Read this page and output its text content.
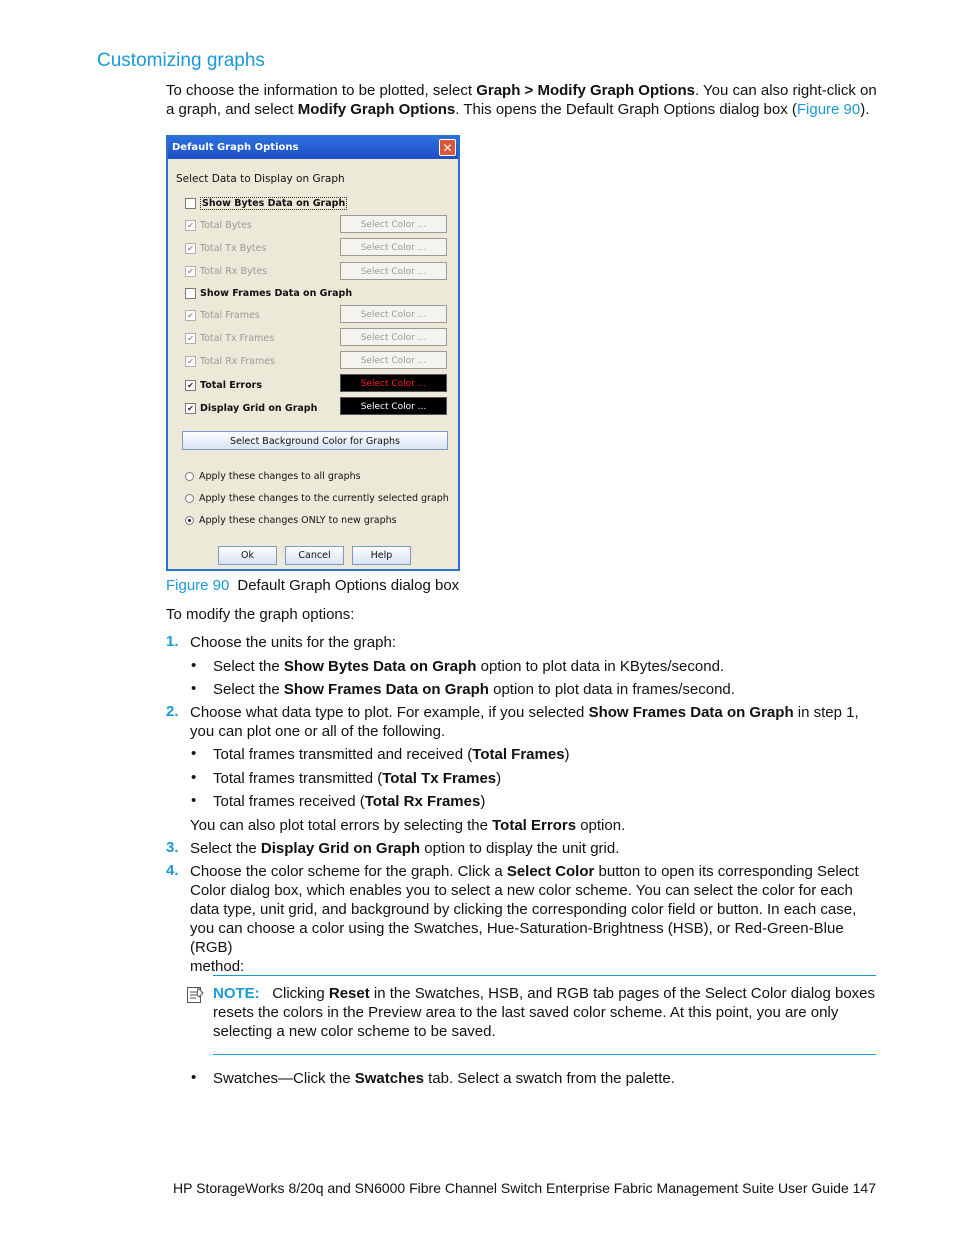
Customizing graphs
To choose the information to be plotted, select Graph > Modify Graph Options. You can also right-click on
a graph, and select Modify Graph Options. This opens the Default Graph Options dialog box (Figure 90).
Default Graph Options	✕
Select Data to Display on Graph
Select Background Color for Graphs
Ok	Cancel	Help
Show Bytes Data on Graph
✔ Total Bytes	Select Color ...
✔ Total Tx Bytes	Select Color ...
✔ Total Rx Bytes	Select Color ...
Show Frames Data on Graph
✔ Total Frames	Select Color ...
✔ Total Tx Frames	Select Color ...
✔ Total Rx Frames	Select Color ...
✔ Total Errors	Select Color ...
✔ Display Grid on Graph	Select Color ...
Apply these changes to all graphs
Apply these changes to the currently selected graph
Apply these changes ONLY to new graphs
Figure 90 Default Graph Options dialog box
To modify the graph options:
1. Choose the units for the graph:
• Select the Show Bytes Data on Graph option to plot data in KBytes/second.
• Select the Show Frames Data on Graph option to plot data in frames/second.
2. Choose what data type to plot. For example, if you selected Show Frames Data on Graph in step 1,
you can plot one or all of the following.
• Total frames transmitted and received (Total Frames)
• Total frames transmitted (Total Tx Frames)
• Total frames received (Total Rx Frames)
You can also plot total errors by selecting the Total Errors option.
3. Select the Display Grid on Graph option to display the unit grid.
4. Choose the color scheme for the graph. Click a Select Color button to open its corresponding Select
Color dialog box, which enables you to select a new color scheme. You can select the color for each
data type, unit grid, and background by clicking the corresponding color field or button. In each case,
you can choose a color using the Swatches, Hue-Saturation-Brightness (HSB), or Red-Green-Blue (RGB)
method:
NOTE: Clicking Reset in the Swatches, HSB, and RGB tab pages of the Select Color dialog boxes
resets the colors in the Preview area to the last saved color scheme. At this point, you are only
selecting a new color scheme to be saved.
• Swatches—Click the Swatches tab. Select a swatch from the palette.
HP StorageWorks 8/20q and SN6000 Fibre Channel Switch Enterprise Fabric Management Suite User Guide 147
